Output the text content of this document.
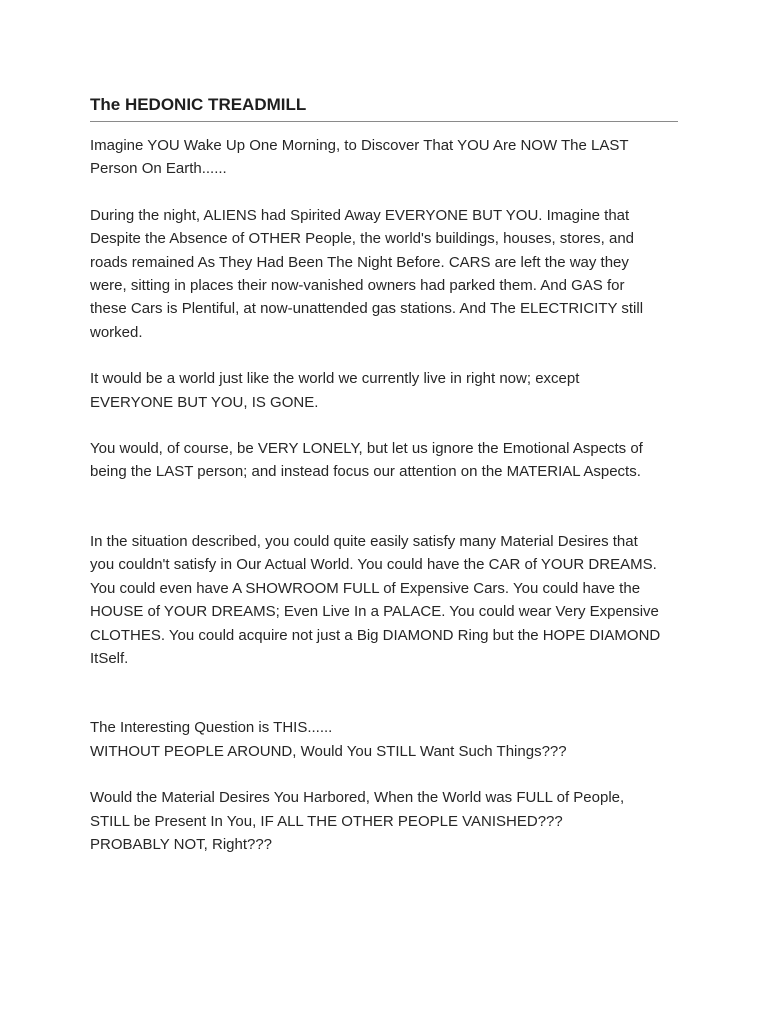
The HEDONIC TREADMILL

Imagine YOU Wake Up One Morning, to Discover That YOU Are NOW The LAST
Person On Earth......

During the night, ALIENS had Spirited Away EVERYONE BUT YOU. Imagine that
Despite the Absence of OTHER People, the world's buildings, houses, stores, and
roads remained As They Had Been The Night Before. CARS are left the way they
were, sitting in places their now-vanished owners had parked them. And GAS for
these Cars is Plentiful, at now-unattended gas stations. And The ELECTRICITY still
worked.

It would be a world just like the world we currently live in right now; except
EVERYONE BUT YOU, IS GONE.

You would, of course, be VERY LONELY, but let us ignore the Emotional Aspects of
being the LAST person; and instead focus our attention on the MATERIAL Aspects.

In the situation described, you could quite easily satisfy many Material Desires that
you couldn't satisfy in Our Actual World. You could have the CAR of YOUR DREAMS.
You could even have A SHOWROOM FULL of Expensive Cars. You could have the
HOUSE of YOUR DREAMS; Even Live In a PALACE. You could wear Very Expensive
CLOTHES. You could acquire not just a Big DIAMOND Ring but the HOPE DIAMOND
ItSelf.

The Interesting Question is THIS......
WITHOUT PEOPLE AROUND, Would You STILL Want Such Things???

Would the Material Desires You Harbored, When the World was FULL of People,
STILL be Present In You, IF ALL THE OTHER PEOPLE VANISHED???
PROBABLY NOT, Right???
